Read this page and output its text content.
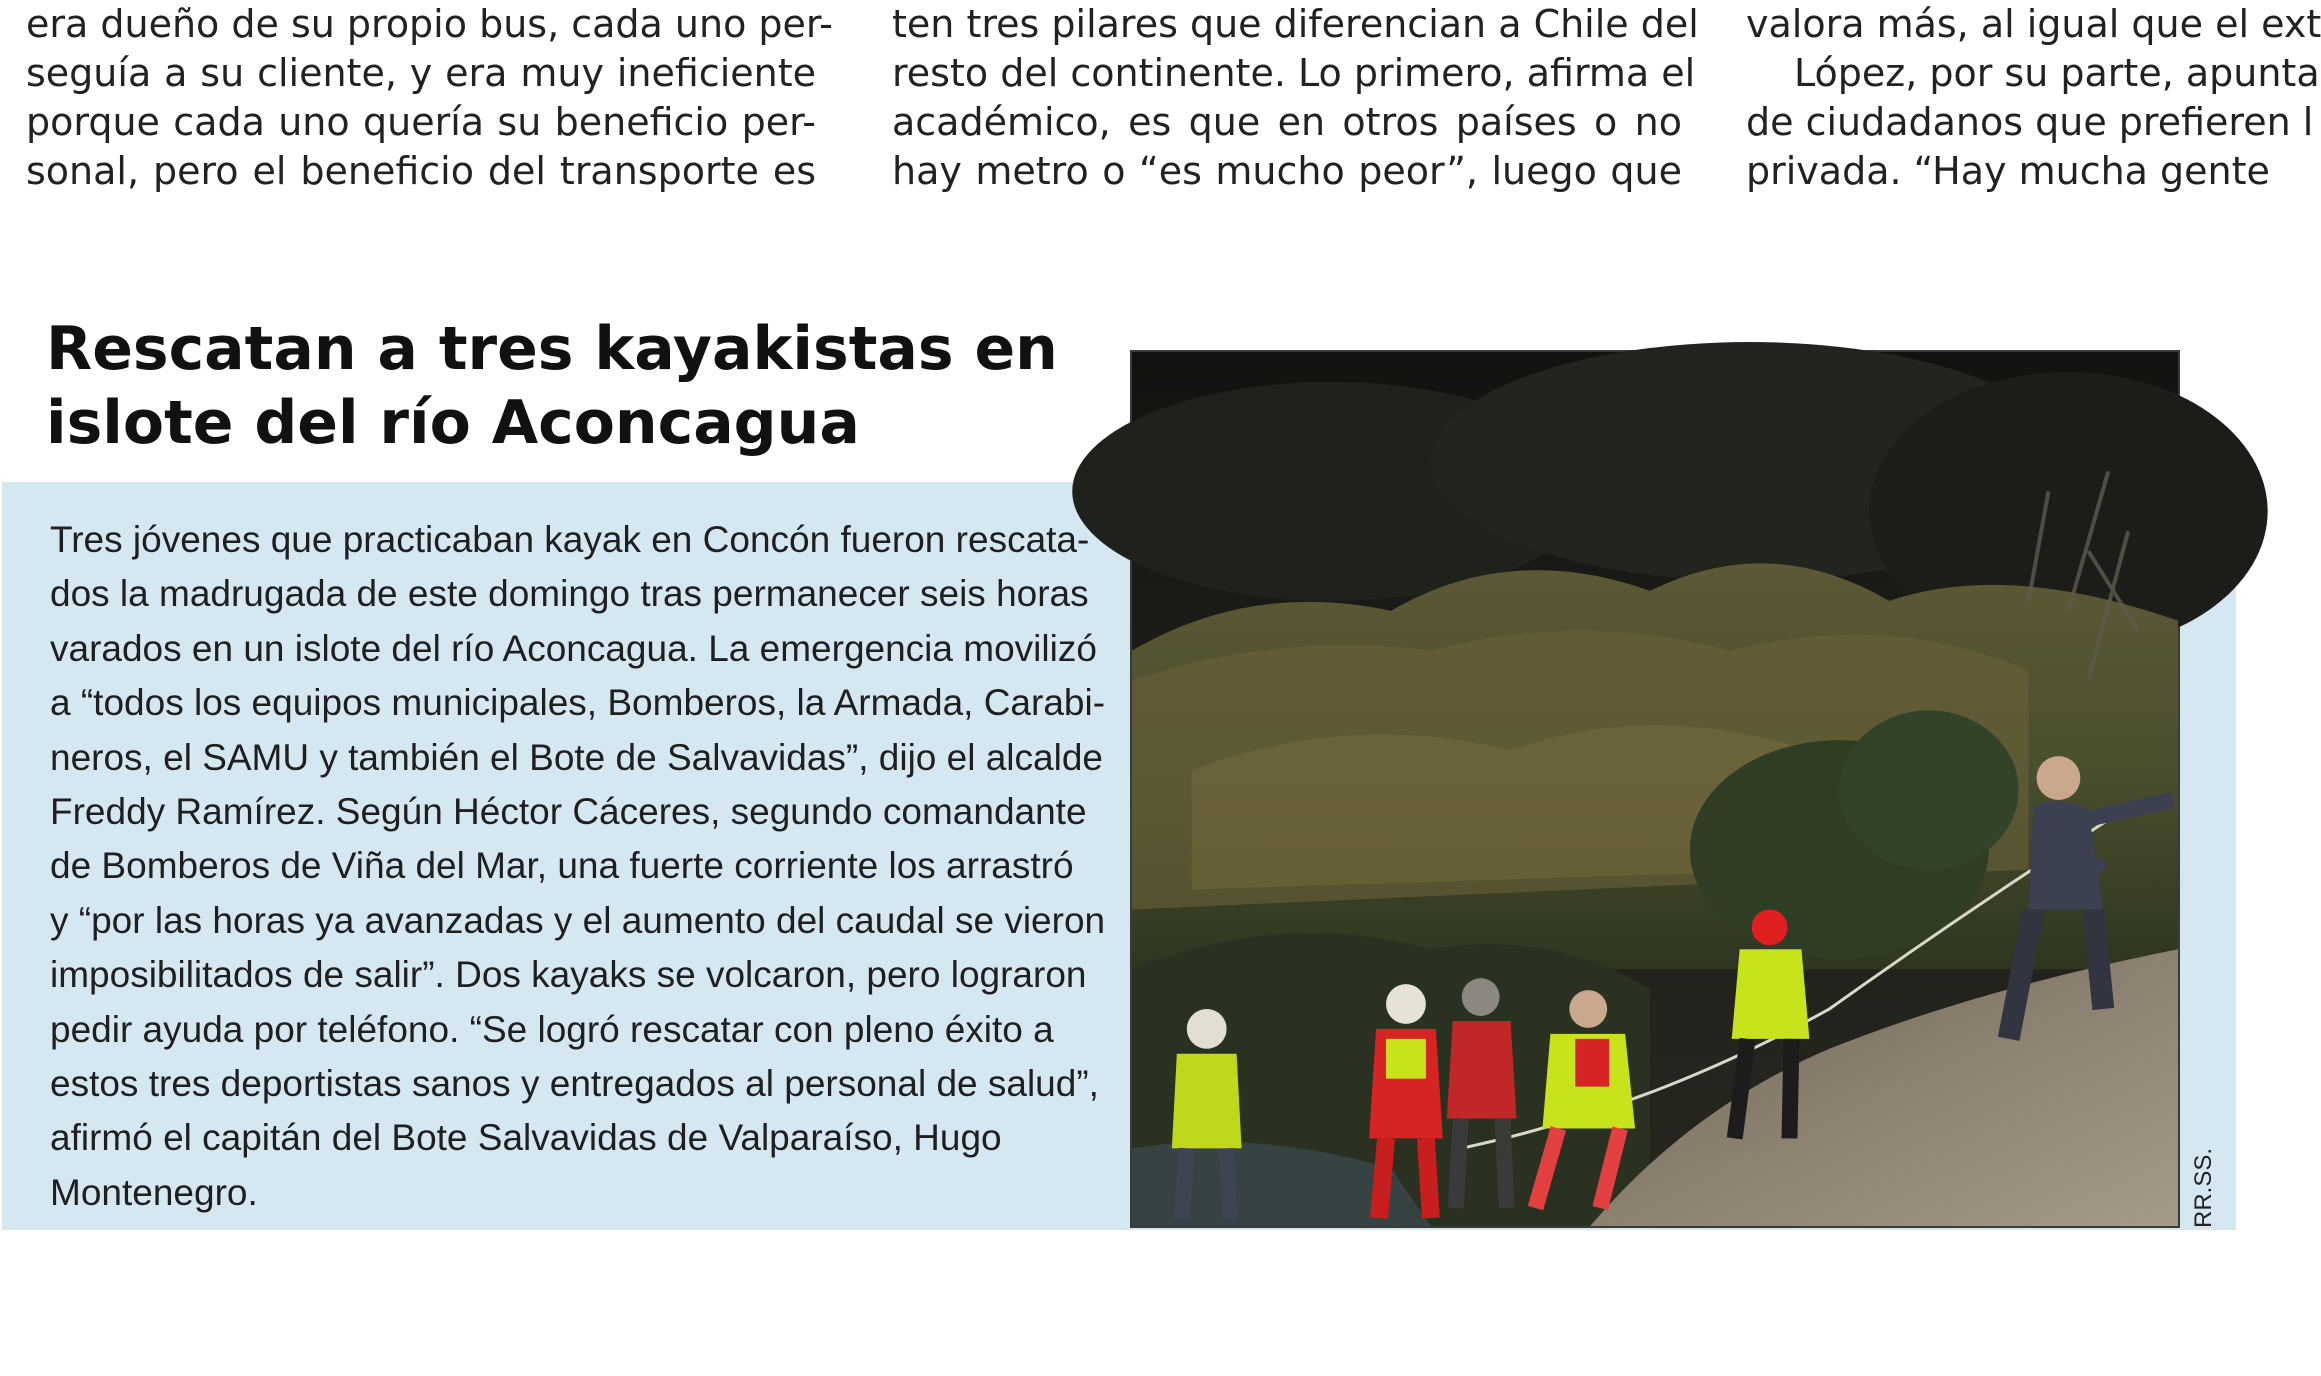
era dueño de su propio bus, cada uno per-

seguía a su cliente, y era muy ineficiente

porque cada uno quería su beneficio per-

sonal, pero el beneficio del transporte es

ten tres pilares que diferencian a Chile del

resto del continente. Lo primero, afirma el

académico, es que en otros países o no

hay metro o “es mucho peor”, luego que

valora más, al igual que el ext

López, por su parte, apunta

de ciudadanos que prefieren l

privada. “Hay mucha gente

Rescatan a tres kayakistas en
islote del río Aconcagua
Tres jóvenes que practicaban kayak en Concón fueron rescata-
dos la madrugada de este domingo tras permanecer seis horas
varados en un islote del río Aconcagua. La emergencia movilizó
a “todos los equipos municipales, Bomberos, la Armada, Carabi-
neros, el SAMU y también el Bote de Salvavidas”, dijo el alcalde
Freddy Ramírez. Según Héctor Cáceres, segundo comandante
de Bomberos de Viña del Mar, una fuerte corriente los arrastró
y “por las horas ya avanzadas y el aumento del caudal se vieron
imposibilitados de salir”. Dos kayaks se volcaron, pero lograron
pedir ayuda por teléfono. “Se logró rescatar con pleno éxito a
estos tres deportistas sanos y entregados al personal de salud”,
afirmó el capitán del Bote Salvavidas de Valparaíso, Hugo
Montenegro.	RR.SS.
